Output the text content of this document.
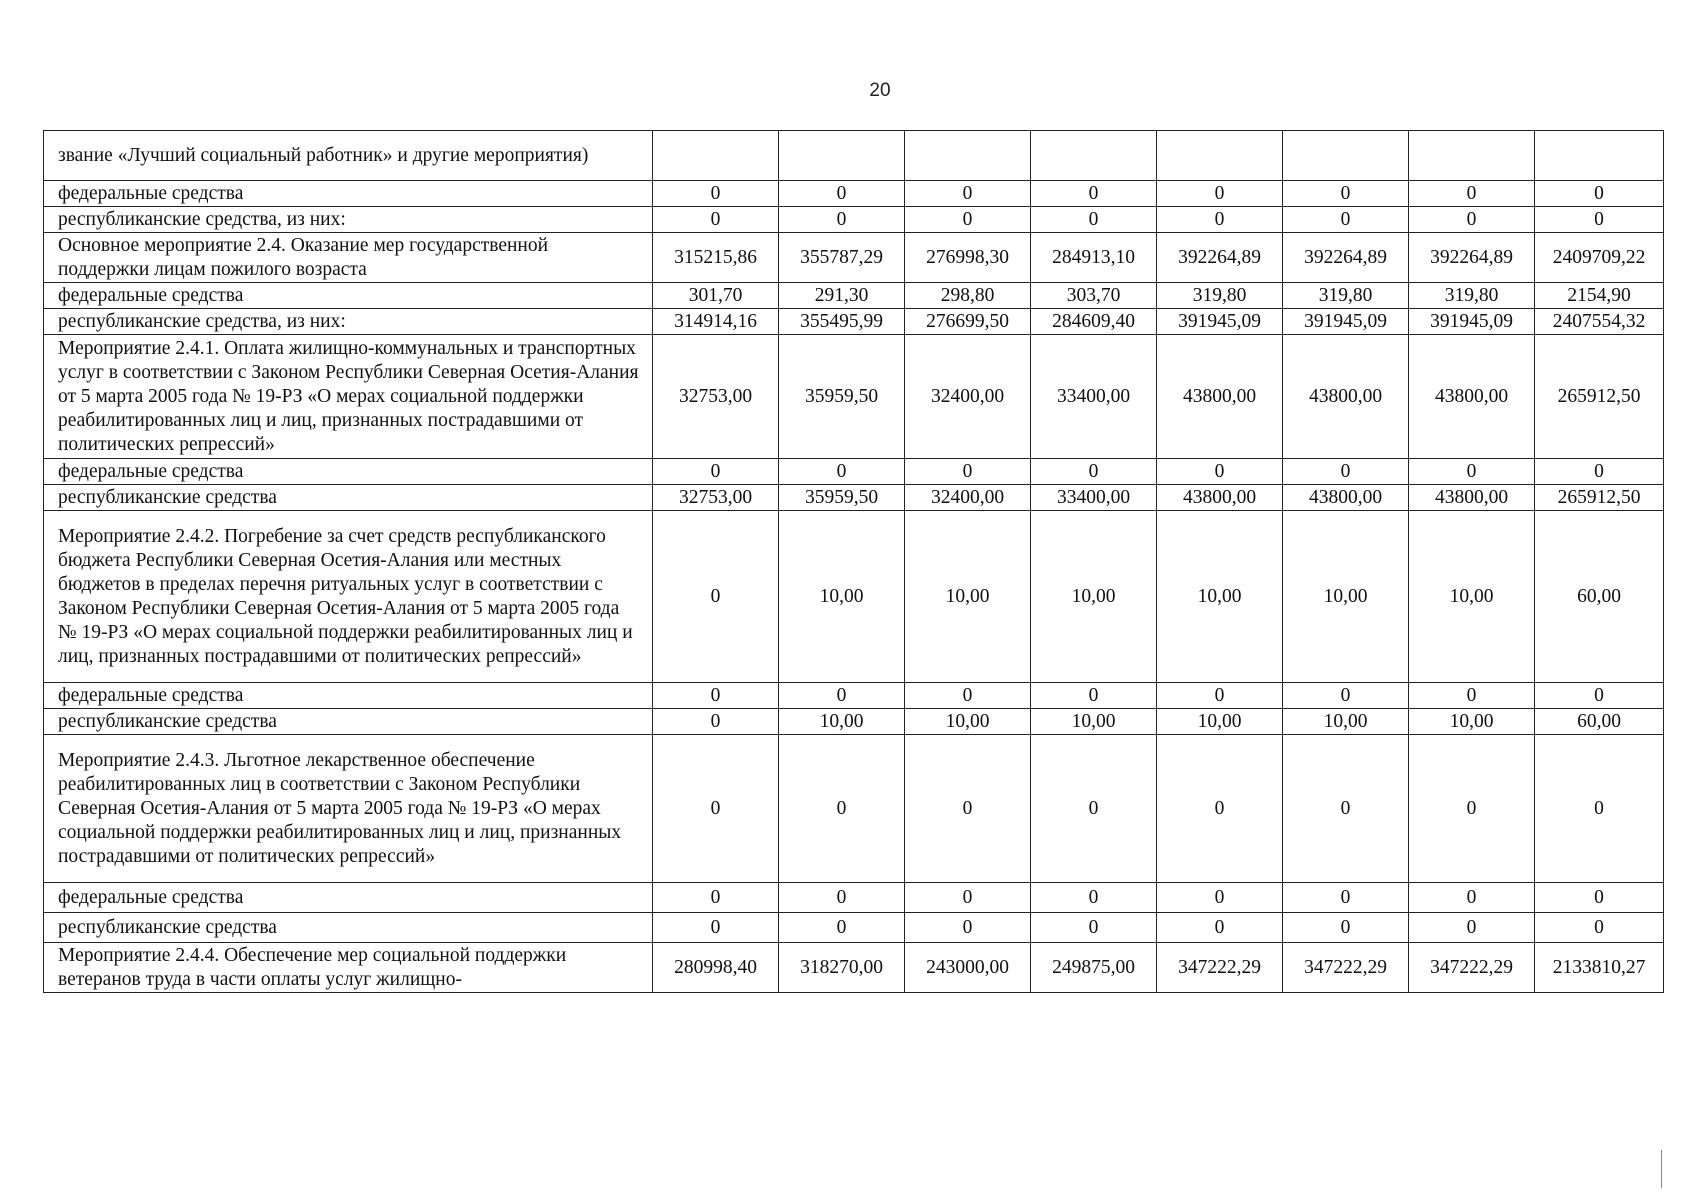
20
звание «Лучший социальный работник» и другие мероприятия)								
федеральные средства	0	0	0	0	0	0	0	0
республиканские средства, из них:	0	0	0	0	0	0	0	0
Основное мероприятие 2.4. Оказание мер государственной поддержки лицам пожилого возраста	315215,86	355787,29	276998,30	284913,10	392264,89	392264,89	392264,89	2409709,22
федеральные средства	301,70	291,30	298,80	303,70	319,80	319,80	319,80	2154,90
республиканские средства, из них:	314914,16	355495,99	276699,50	284609,40	391945,09	391945,09	391945,09	2407554,32
Мероприятие 2.4.1. Оплата жилищно-коммунальных и транспортных услуг в соответствии с Законом Республики Северная Осетия-Алания от 5 марта 2005 года № 19-РЗ «О мерах социальной поддержки реабилитированных лиц и лиц, признанных пострадавшими от политических репрессий»	32753,00	35959,50	32400,00	33400,00	43800,00	43800,00	43800,00	265912,50
федеральные средства	0	0	0	0	0	0	0	0
республиканские средства	32753,00	35959,50	32400,00	33400,00	43800,00	43800,00	43800,00	265912,50
Мероприятие 2.4.2. Погребение за счет средств республиканского бюджета Республики Северная Осетия-Алания или местных бюджетов в пределах перечня ритуальных услуг в соответствии с Законом Республики Северная Осетия-Алания от 5 марта 2005 года № 19-РЗ «О мерах социальной поддержки реабилитированных лиц и лиц, признанных пострадавшими от политических репрессий»	0	10,00	10,00	10,00	10,00	10,00	10,00	60,00
федеральные средства	0	0	0	0	0	0	0	0
республиканские средства	0	10,00	10,00	10,00	10,00	10,00	10,00	60,00
Мероприятие 2.4.3. Льготное лекарственное обеспечение реабилитированных лиц в соответствии с Законом Республики Северная Осетия-Алания от 5 марта 2005 года № 19-РЗ «О мерах социальной поддержки реабилитированных лиц и лиц, признанных пострадавшими от политических репрессий»	0	0	0	0	0	0	0	0
федеральные средства	0	0	0	0	0	0	0	0
республиканские средства	0	0	0	0	0	0	0	0
Мероприятие 2.4.4. Обеспечение мер социальной поддержки ветеранов труда в части оплаты услуг жилищно-	280998,40	318270,00	243000,00	249875,00	347222,29	347222,29	347222,29	2133810,27
